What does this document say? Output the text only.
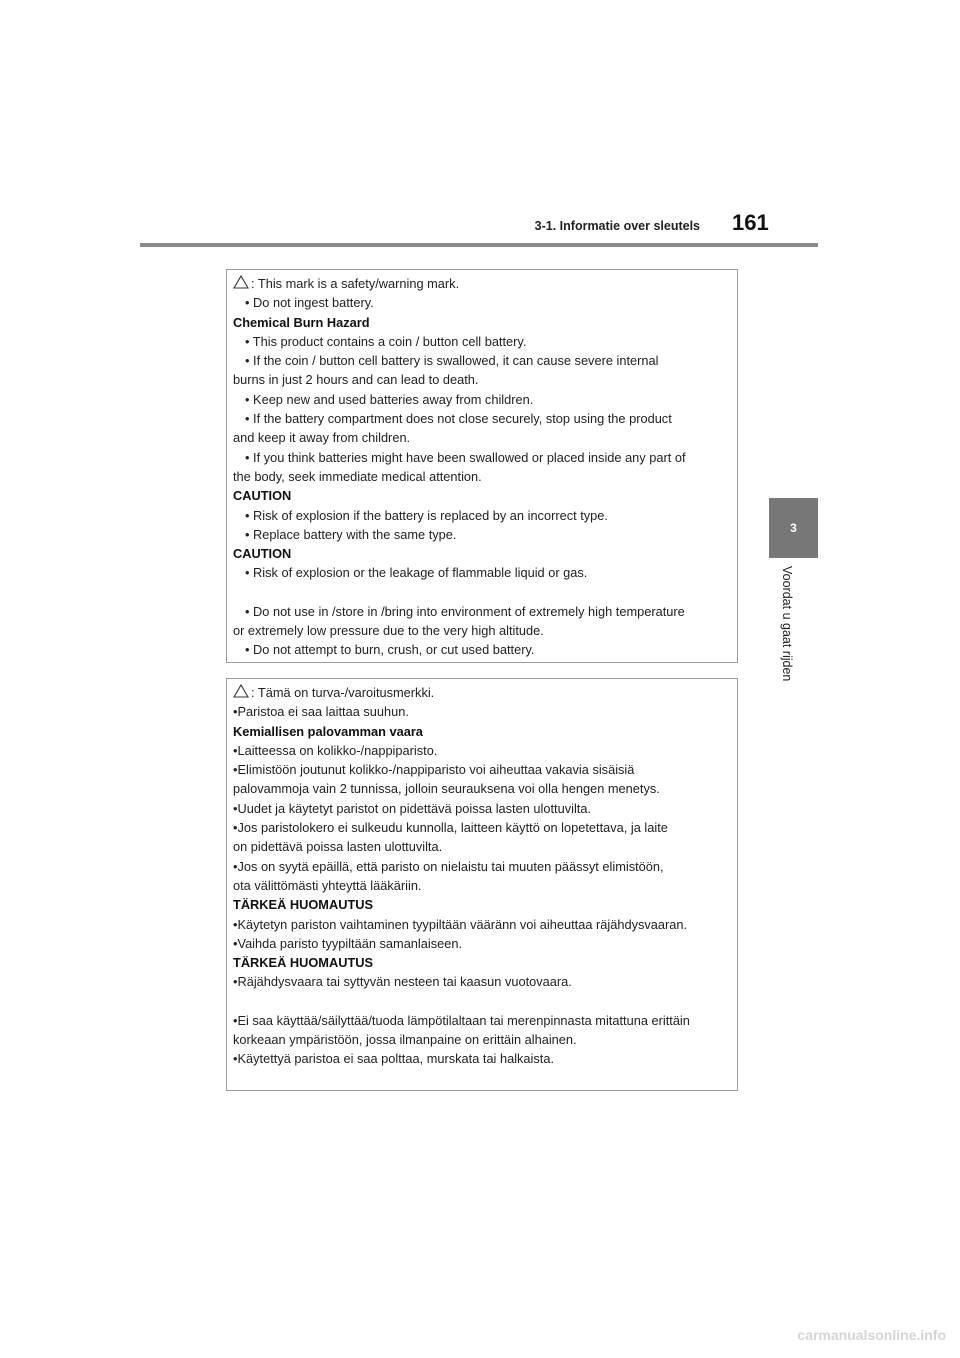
3-1. Informatie over sleutels 161
3
Voordat u gaat rijden
: This mark is a safety/warning mark.
• Do not ingest battery.
Chemical Burn Hazard
• This product contains a coin / button cell battery.
• If the coin / button cell battery is swallowed, it can cause severe internal
burns in just 2 hours and can lead to death.
• Keep new and used batteries away from children.
• If the battery compartment does not close securely, stop using the product
and keep it away from children.
• If you think batteries might have been swallowed or placed inside any part of
the body, seek immediate medical attention.
CAUTION
• Risk of explosion if the battery is replaced by an incorrect type.
• Replace battery with the same type.
CAUTION
• Risk of explosion or the leakage of flammable liquid or gas.
• Do not use in /store in /bring into environment of extremely high temperature
or extremely low pressure due to the very high altitude.
• Do not attempt to burn, crush, or cut used battery.
: Tämä on turva-/varoitusmerkki.
•Paristoa ei saa laittaa suuhun.
Kemiallisen palovamman vaara
•Laitteessa on kolikko-/nappiparisto.
•Elimistöön joutunut kolikko-/nappiparisto voi aiheuttaa vakavia sisäisiä
palovammoja vain 2 tunnissa, jolloin seurauksena voi olla hengen menetys.
•Uudet ja käytetyt paristot on pidettävä poissa lasten ulottuvilta.
•Jos paristolokero ei sulkeudu kunnolla, laitteen käyttö on lopetettava, ja laite
on pidettävä poissa lasten ulottuvilta.
•Jos on syytä epäillä, että paristo on nielaistu tai muuten päässyt elimistöön,
ota välittömästi yhteyttä lääkäriin.
TÄRKEÄ HUOMAUTUS
•Käytetyn pariston vaihtaminen tyypiltään vääränn voi aiheuttaa räjähdysvaaran.
•Vaihda paristo tyypiltään samanlaiseen.
TÄRKEÄ HUOMAUTUS
•Räjähdysvaara tai syttyvän nesteen tai kaasun vuotovaara.
•Ei saa käyttää/säilyttää/tuoda lämpötilaltaan tai merenpinnasta mitattuna erittäin
korkeaan ympäristöön, jossa ilmanpaine on erittäin alhainen.
•Käytettyä paristoa ei saa polttaa, murskata tai halkaista.
carmanualsonline.info
